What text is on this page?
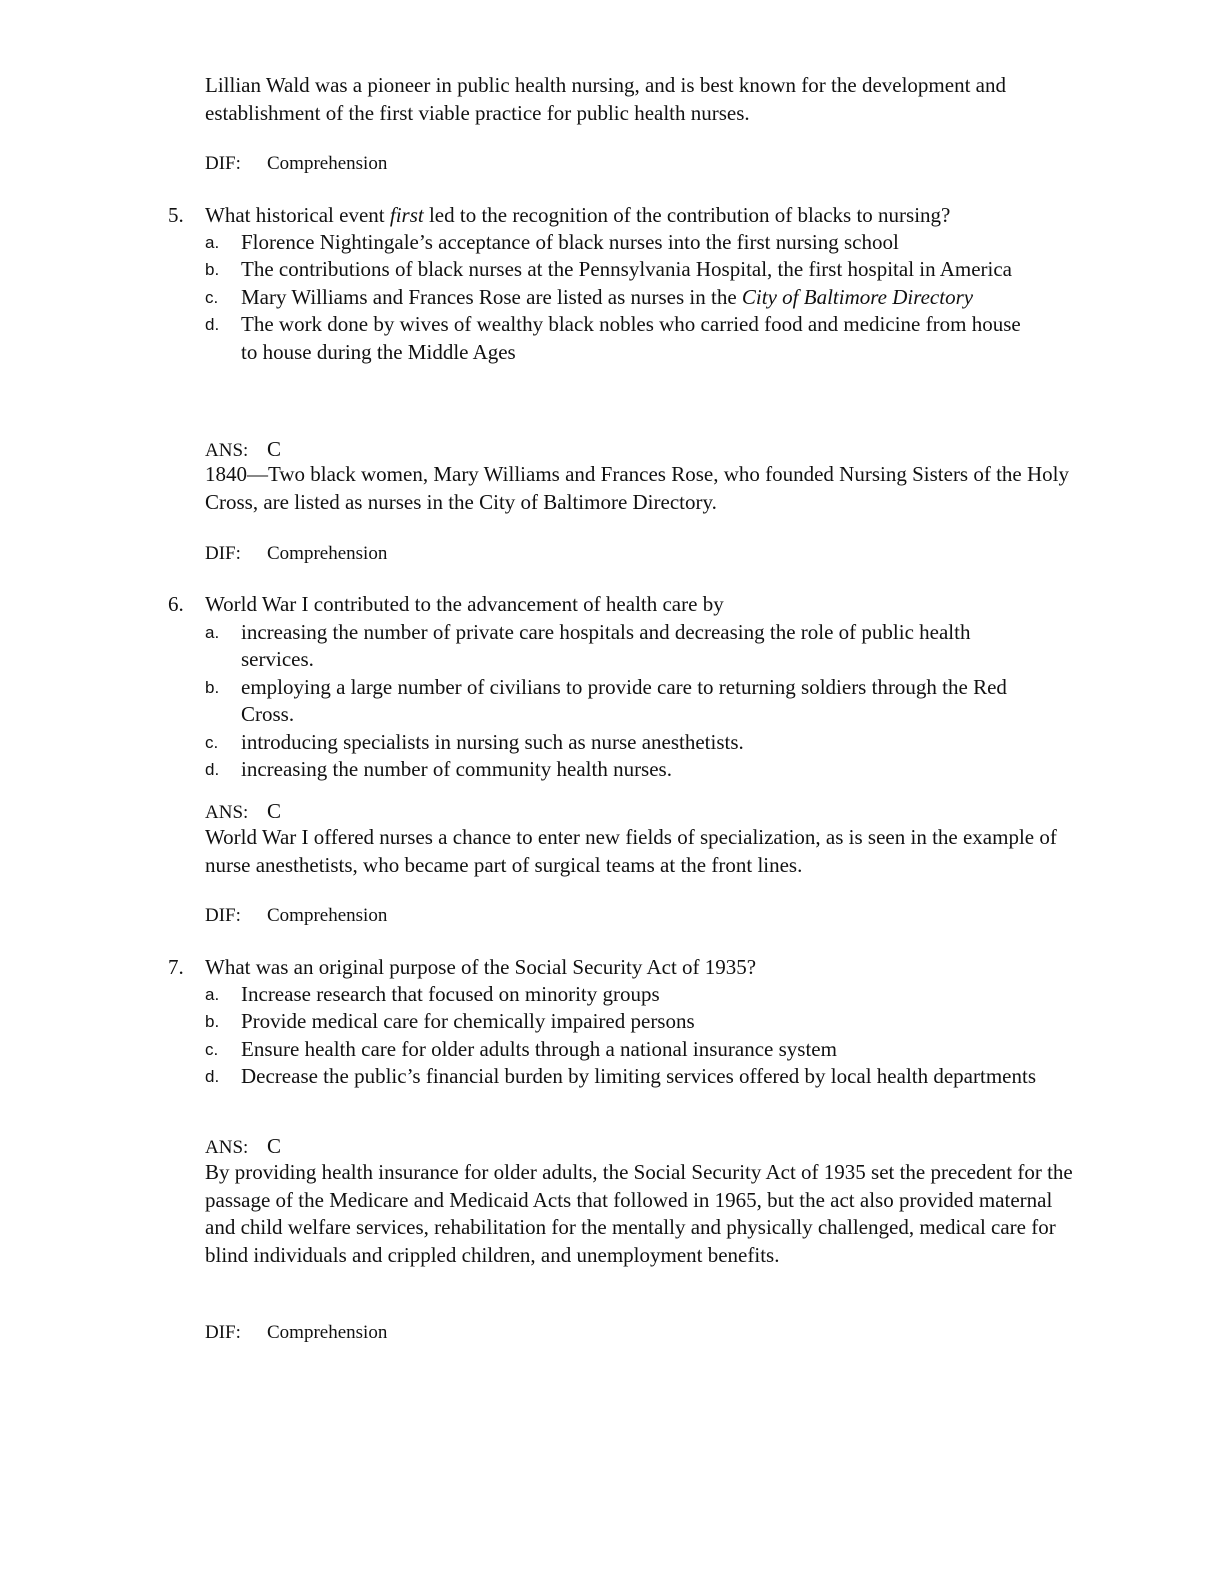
Lillian Wald was a pioneer in public health nursing, and is best known for the development and establishment of the first viable practice for public health nurses.
DIF: Comprehension
5. What historical event first led to the recognition of the contribution of blacks to nursing?
a. Florence Nightingale’s acceptance of black nurses into the first nursing school
b. The contributions of black nurses at the Pennsylvania Hospital, the first hospital in America
c. Mary Williams and Frances Rose are listed as nurses in the City of Baltimore Directory
d. The work done by wives of wealthy black nobles who carried food and medicine from house to house during the Middle Ages
ANS: C
1840—Two black women, Mary Williams and Frances Rose, who founded Nursing Sisters of the Holy Cross, are listed as nurses in the City of Baltimore Directory.
DIF: Comprehension
6. World War I contributed to the advancement of health care by
a. increasing the number of private care hospitals and decreasing the role of public health services.
b. employing a large number of civilians to provide care to returning soldiers through the Red Cross.
c. introducing specialists in nursing such as nurse anesthetists.
d. increasing the number of community health nurses.
ANS: C
World War I offered nurses a chance to enter new fields of specialization, as is seen in the example of nurse anesthetists, who became part of surgical teams at the front lines.
DIF: Comprehension
7. What was an original purpose of the Social Security Act of 1935?
a. Increase research that focused on minority groups
b. Provide medical care for chemically impaired persons
c. Ensure health care for older adults through a national insurance system
d. Decrease the public’s financial burden by limiting services offered by local health departments
ANS: C
By providing health insurance for older adults, the Social Security Act of 1935 set the precedent for the passage of the Medicare and Medicaid Acts that followed in 1965, but the act also provided maternal and child welfare services, rehabilitation for the mentally and physically challenged, medical care for blind individuals and crippled children, and unemployment benefits.
DIF: Comprehension
